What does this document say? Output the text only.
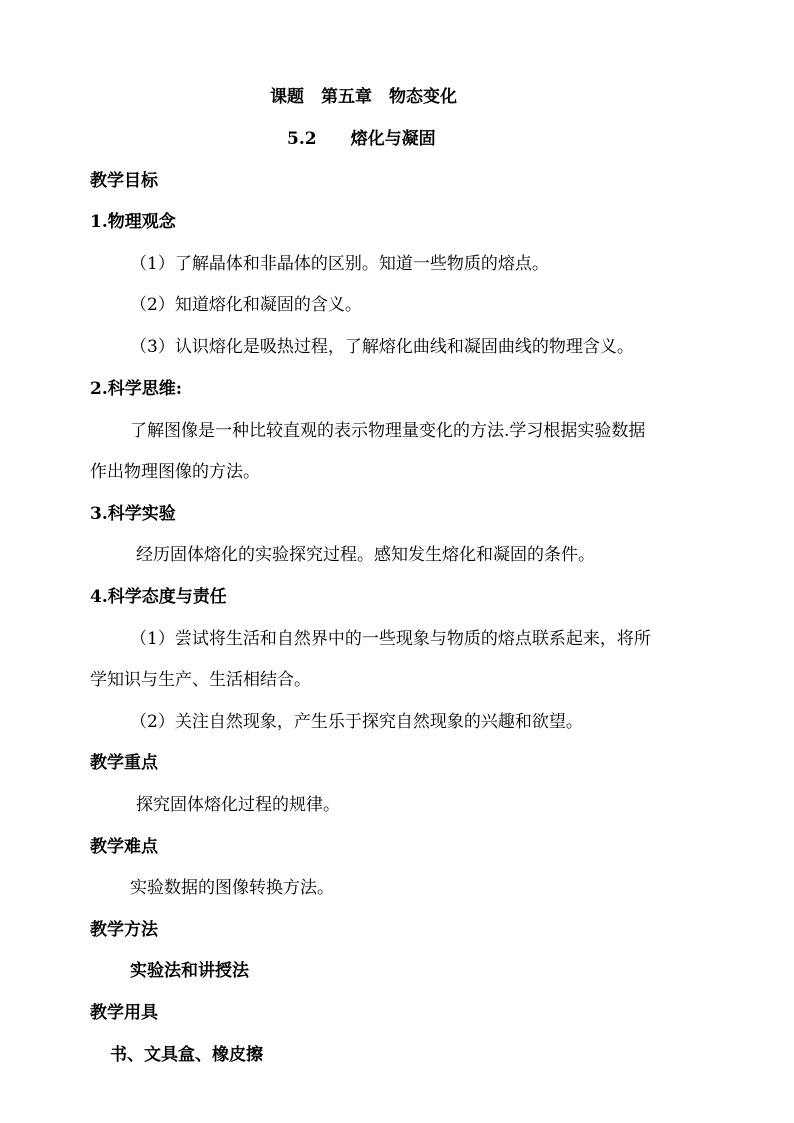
课题　第五章　物态变化
5.2　　熔化与凝固
教学目标
1.物理观念
（1）了解晶体和非晶体的区别。知道一些物质的熔点。
（2）知道熔化和凝固的含义。
（3）认识熔化是吸热过程，了解熔化曲线和凝固曲线的物理含义。
2.科学思维:
了解图像是一种比较直观的表示物理量变化的方法.学习根据实验数据
作出物理图像的方法。
3.科学实验
经历固体熔化的实验探究过程。感知发生熔化和凝固的条件。
4.科学态度与责任
（1）尝试将生活和自然界中的一些现象与物质的熔点联系起来，将所
学知识与生产、生活相结合。
（2）关注自然现象，产生乐于探究自然现象的兴趣和欲望。
教学重点
探究固体熔化过程的规律。
教学难点
实验数据的图像转换方法。
教学方法
实验法和讲授法
教学用具
书、文具盒、橡皮擦
